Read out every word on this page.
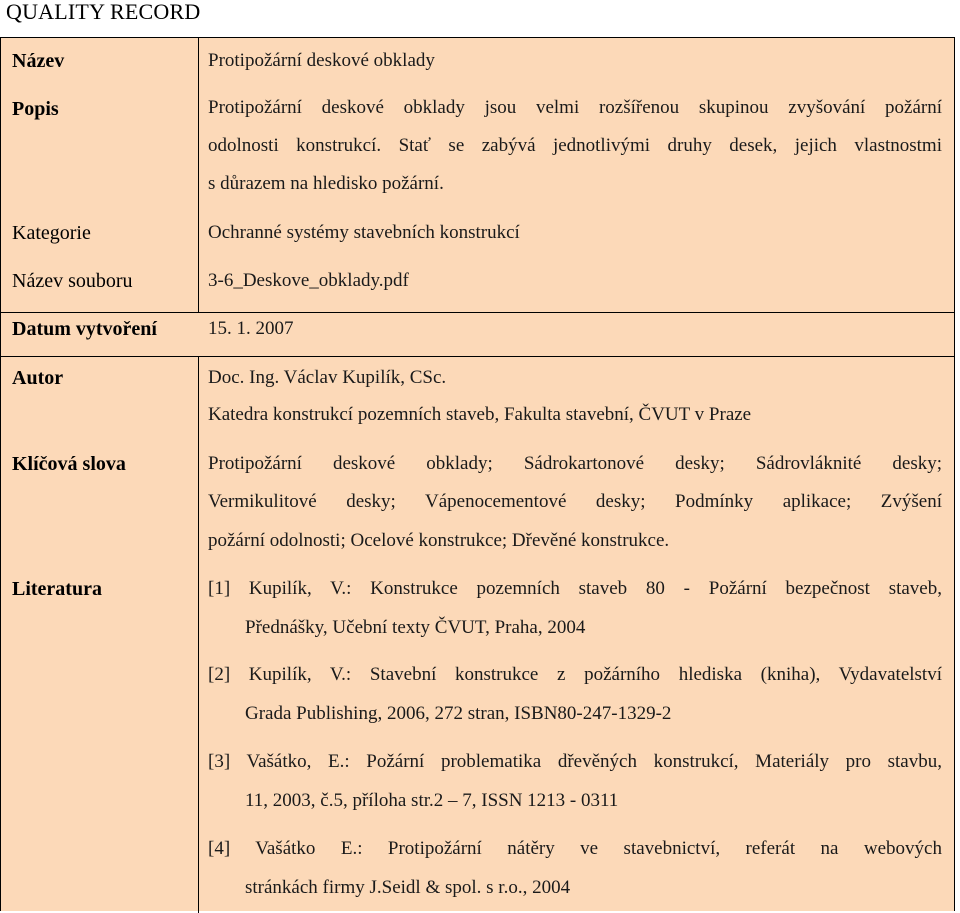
QUALITY RECORD
Název	Protipožární deskové obklady
Popis	Protipožární deskové obklady jsou velmi rozšířenou skupinou zvyšování požární
odolnosti konstrukcí. Stať se zabývá jednotlivými druhy desek, jejich vlastnostmi
s důrazem na hledisko požární.
Kategorie	Ochranné systémy stavebních konstrukcí
Název souboru	3-6_Deskove_obklady.pdf
Datum vytvoření	15. 1. 2007
Autor	Doc. Ing. Václav Kupilík, CSc.
Katedra konstrukcí pozemních staveb, Fakulta stavební, ČVUT v Praze
Klíčová slova	Protipožární deskové obklady; Sádrokartonové desky; Sádrovláknité desky;
Vermikulitové desky; Vápenocementové desky; Podmínky aplikace; Zvýšení
požární odolnosti; Ocelové konstrukce; Dřevěné konstrukce.
Literatura	[1] Kupilík, V.: Konstrukce pozemních staveb 80 - Požární bezpečnost staveb,
Přednášky, Učební texty ČVUT, Praha, 2004
[2] Kupilík, V.: Stavební konstrukce z požárního hlediska (kniha), Vydavatelství
Grada Publishing, 2006, 272 stran, ISBN80-247-1329-2
[3] Vašátko, E.: Požární problematika dřevěných konstrukcí, Materiály pro stavbu,
11, 2003, č.5, příloha str.2 – 7, ISSN 1213 - 0311
[4] Vašátko E.: Protipožární nátěry ve stavebnictví, referát na webových
stránkách firmy J.Seidl & spol. s r.o., 2004
